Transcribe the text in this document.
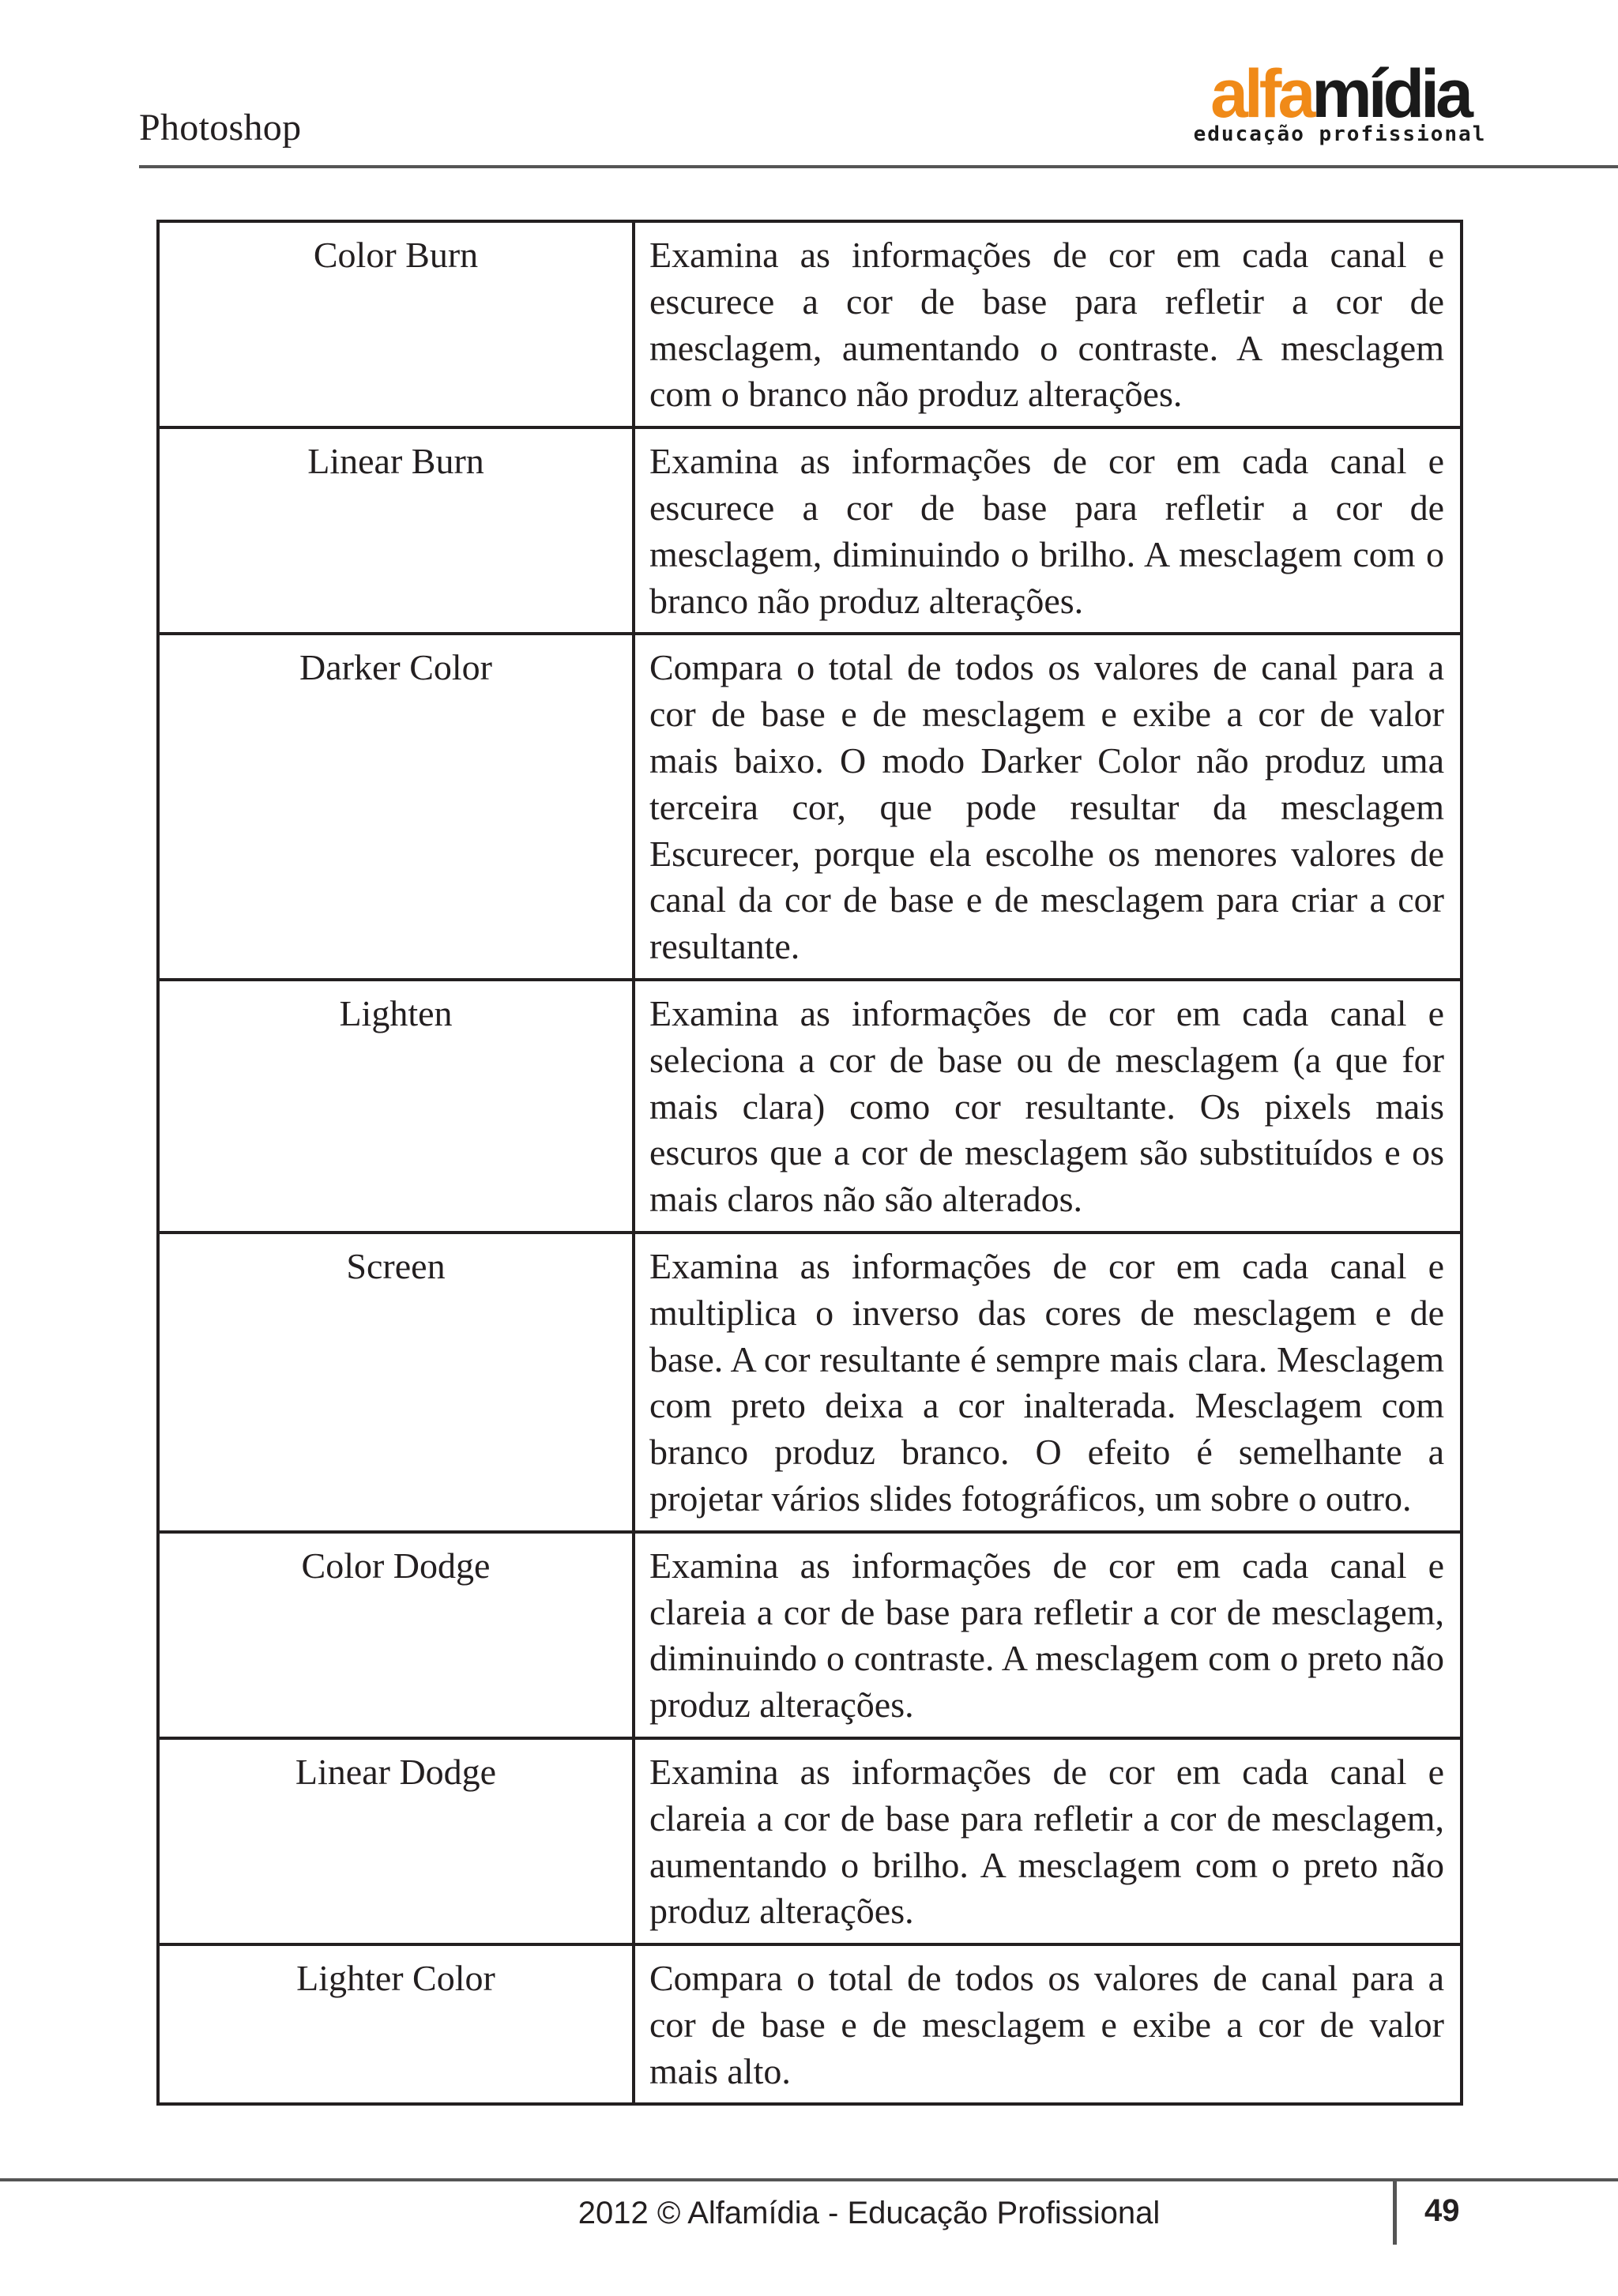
Photoshop	alfamídia
educação profissional
Color Burn	Examina as informações de cor em cada canal e escurece a cor de base para refletir a cor de mesclagem, aumentando o contraste. A mesclagem com o branco não produz alterações.
Linear Burn	Examina as informações de cor em cada canal e escurece a cor de base para refletir a cor de mesclagem, diminuindo o brilho. A mesclagem com o branco não produz alterações.
Darker Color	Compara o total de todos os valores de canal para a cor de base e de mesclagem e exibe a cor de valor mais baixo. O modo Darker Color não produz uma terceira cor, que pode resultar da mesclagem Escurecer, porque ela escolhe os menores valores de canal da cor de base e de mesclagem para criar a cor resultante.
Lighten	Examina as informações de cor em cada canal e seleciona a cor de base ou de mesclagem (a que for mais clara) como cor resultante. Os pixels mais escuros que a cor de mesclagem são substituídos e os mais claros não são alterados.
Screen	Examina as informações de cor em cada canal e multiplica o inverso das cores de mesclagem e de base. A cor resultante é sempre mais clara. Mesclagem com preto deixa a cor inalterada. Mesclagem com branco produz branco. O efeito é semelhante a projetar vários slides fotográficos, um sobre o outro.
Color Dodge	Examina as informações de cor em cada canal e clareia a cor de base para refletir a cor de mesclagem, diminuindo o contraste. A mesclagem com o preto não produz alterações.
Linear Dodge	Examina as informações de cor em cada canal e clareia a cor de base para refletir a cor de mesclagem, aumentando o brilho. A mesclagem com o preto não produz alterações.
Lighter Color	Compara o total de todos os valores de canal para a cor de base e de mesclagem e exibe a cor de valor mais alto.
2012 © Alfamídia - Educação Profissional	49
